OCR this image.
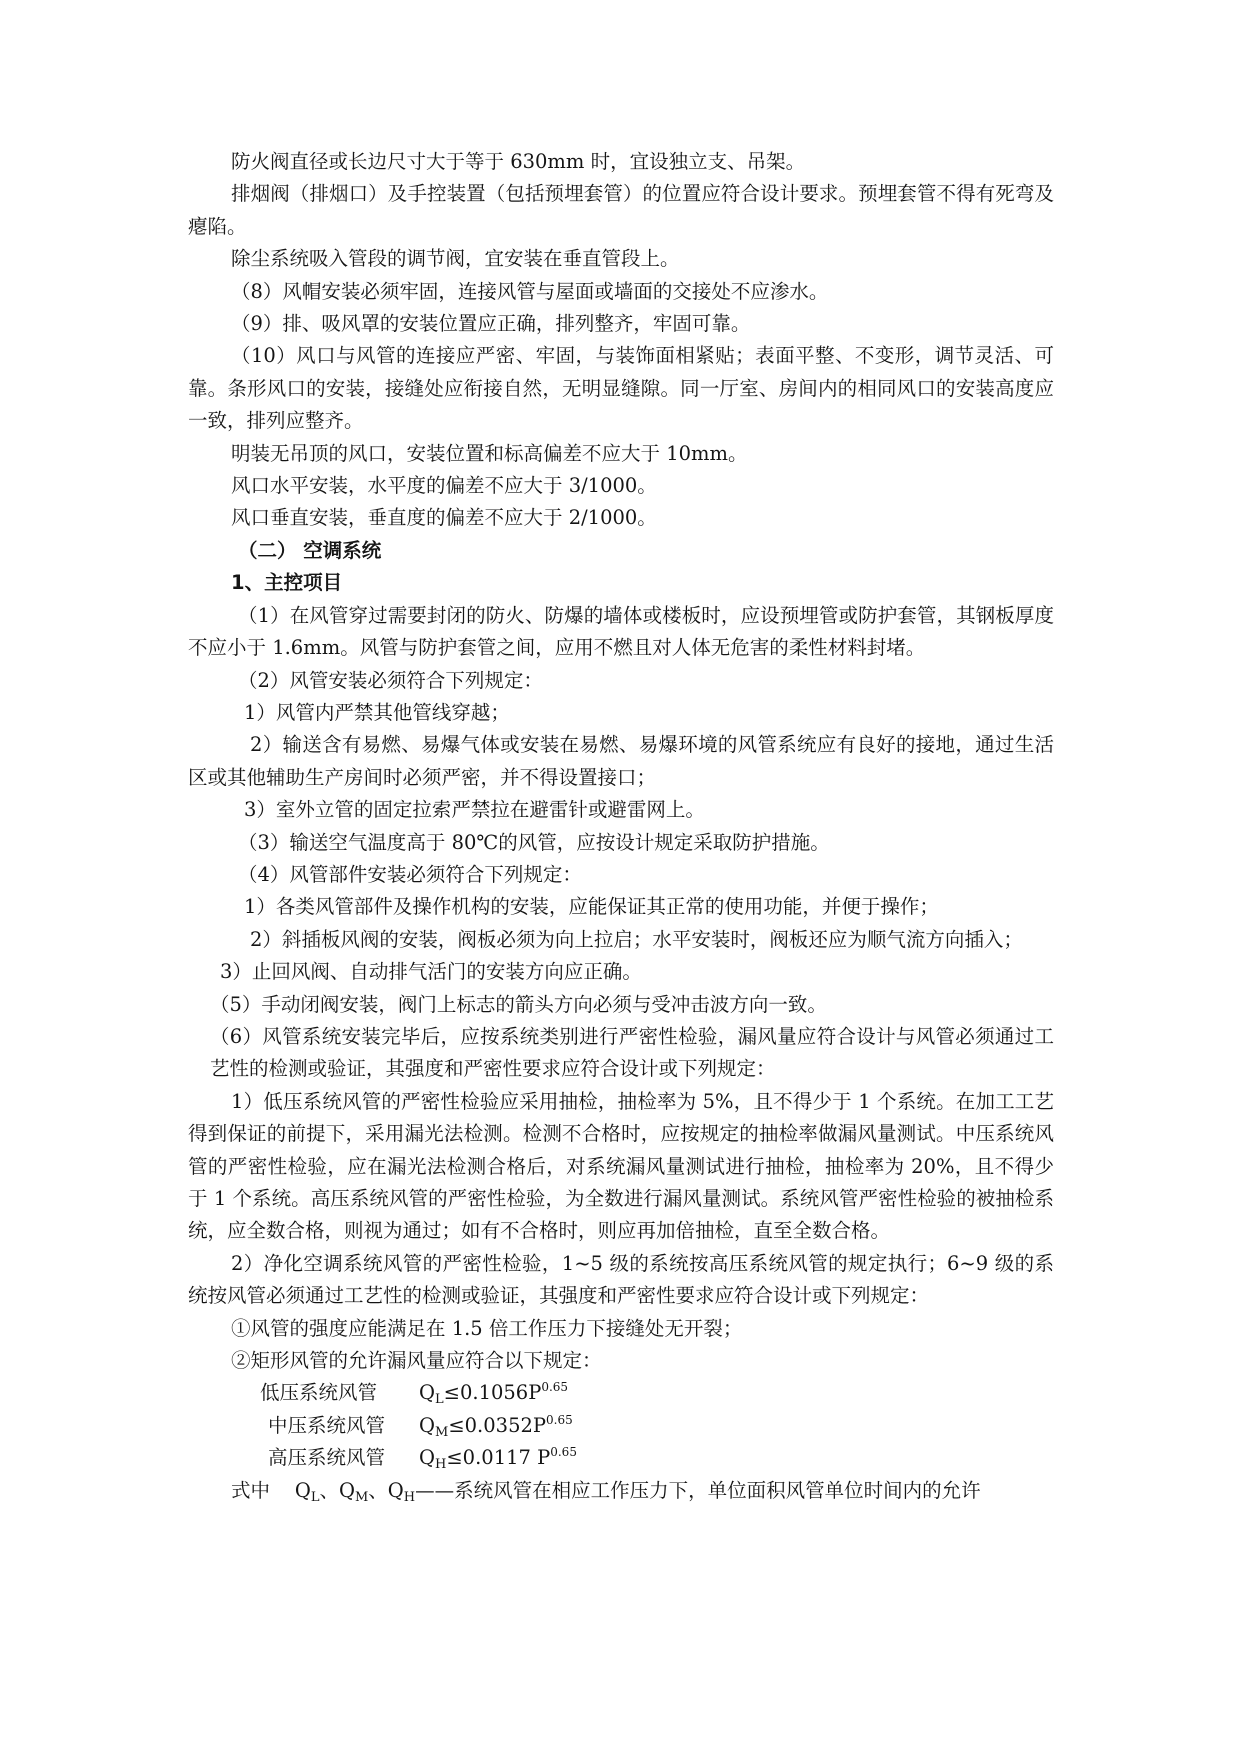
防火阀直径或长边尺寸大于等于 630mm 时，宜设独立支、吊架。

排烟阀（排烟口）及手控装置（包括预埋套管）的位置应符合设计要求。预埋套管不得有死弯及瘪陷。

除尘系统吸入管段的调节阀，宜安装在垂直管段上。

（8）风帽安装必须牢固，连接风管与屋面或墙面的交接处不应渗水。

（9）排、吸风罩的安装位置应正确，排列整齐，牢固可靠。

（10）风口与风管的连接应严密、牢固，与装饰面相紧贴；表面平整、不变形，调节灵活、可靠。条形风口的安装，接缝处应衔接自然，无明显缝隙。同一厅室、房间内的相同风口的安装高度应一致，排列应整齐。

明装无吊顶的风口，安装位置和标高偏差不应大于 10mm。

风口水平安装，水平度的偏差不应大于 3/1000。

风口垂直安装，垂直度的偏差不应大于 2/1000。

（二） 空调系统

1、主控项目

（1）在风管穿过需要封闭的防火、防爆的墙体或楼板时，应设预埋管或防护套管，其钢板厚度不应小于 1.6mm。风管与防护套管之间，应用不燃且对人体无危害的柔性材料封堵。

（2）风管安装必须符合下列规定：

1）风管内严禁其他管线穿越；

2）输送含有易燃、易爆气体或安装在易燃、易爆环境的风管系统应有良好的接地，通过生活区或其他辅助生产房间时必须严密，并不得设置接口；

3）室外立管的固定拉索严禁拉在避雷针或避雷网上。

（3）输送空气温度高于 80℃的风管，应按设计规定采取防护措施。

（4）风管部件安装必须符合下列规定：

1）各类风管部件及操作机构的安装，应能保证其正常的使用功能，并便于操作；

2）斜插板风阀的安装，阀板必须为向上拉启；水平安装时，阀板还应为顺气流方向插入；

3）止回风阀、自动排气活门的安装方向应正确。

（5）手动闭阀安装，阀门上标志的箭头方向必须与受冲击波方向一致。

（6）风管系统安装完毕后，应按系统类别进行严密性检验，漏风量应符合设计与风管必须通过工艺性的检测或验证，其强度和严密性要求应符合设计或下列规定：

1）低压系统风管的严密性检验应采用抽检，抽检率为 5%，且不得少于 1 个系统。在加工工艺得到保证的前提下，采用漏光法检测。检测不合格时，应按规定的抽检率做漏风量测试。中压系统风管的严密性检验，应在漏光法检测合格后，对系统漏风量测试进行抽检，抽检率为 20%，且不得少于 1 个系统。高压系统风管的严密性检验，为全数进行漏风量测试。系统风管严密性检验的被抽检系统，应全数合格，则视为通过；如有不合格时，则应再加倍抽检，直至全数合格。

2）净化空调系统风管的严密性检验，1~5 级的系统按高压系统风管的规定执行；6~9 级的系统按风管必须通过工艺性的检测或验证，其强度和严密性要求应符合设计或下列规定：

①风管的强度应能满足在 1.5 倍工作压力下接缝处无开裂；

②矩形风管的允许漏风量应符合以下规定：

低压系统风管	$Q_L\le 0.1056P^{0.65}$
中压系统风管	$Q_M\le 0.0352P^{0.65}$
高压系统风管	$Q_H\le 0.0117$ $P^{0.65}$

式中 $Q_L$、$Q_M$、$Q_H——$系统风管在相应工作压力下，单位面积风管单位时间内的允许
